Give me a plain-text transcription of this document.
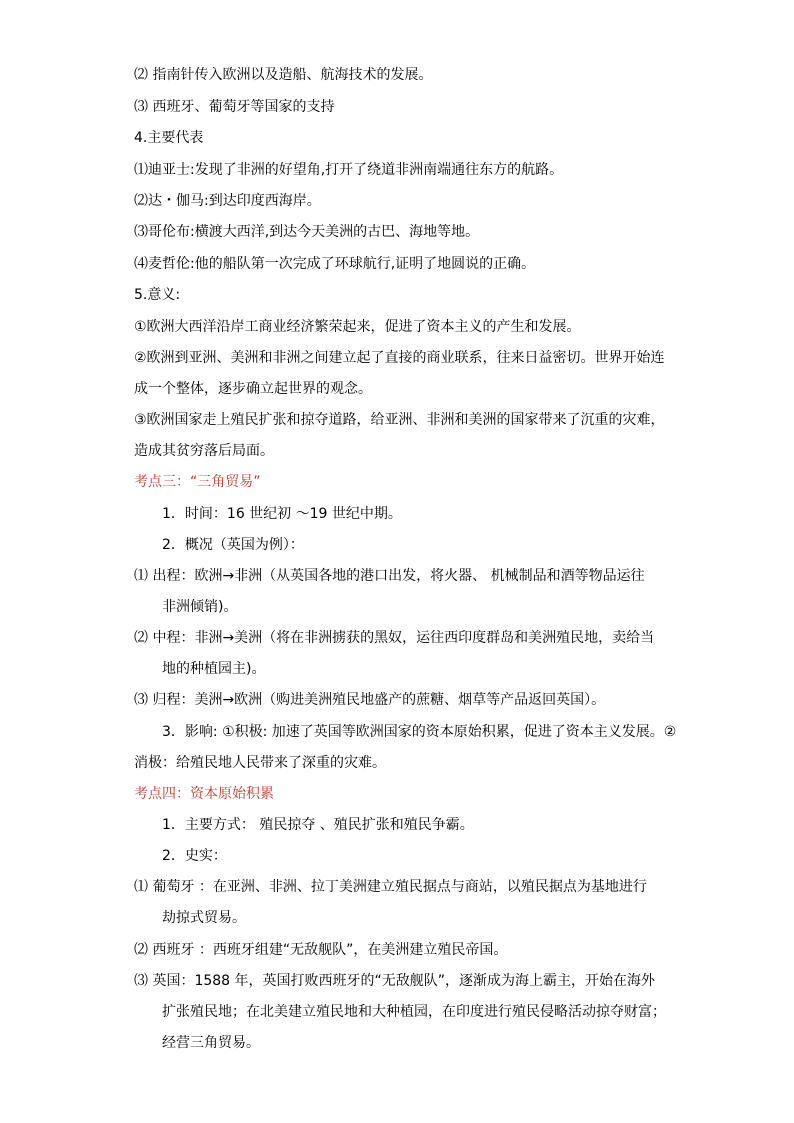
⑵ 指南针传入欧洲以及造船、航海技术的发展。
⑶ 西班牙、葡萄牙等国家的支持
4.主要代表
⑴迪亚士:发现了非洲的好望角,打开了绕道非洲南端通往东方的航路。
⑵达・伽马:到达印度西海岸。
⑶哥伦布:横渡大西洋,到达今天美洲的古巴、海地等地。
⑷麦哲伦:他的船队第一次完成了环球航行,证明了地圆说的正确。
5.意义:
①欧洲大西洋沿岸工商业经济繁荣起来，促进了资本主义的产生和发展。
②欧洲到亚洲、美洲和非洲之间建立起了直接的商业联系，往来日益密切。世界开始连
成一个整体，逐步确立起世界的观念。
③欧洲国家走上殖民扩张和掠夺道路，给亚洲、非洲和美洲的国家带来了沉重的灾难，
造成其贫穷落后局面。
考点三：“三角贸易”
1．时间：16 世纪初 ～19 世纪中期。
2．概况（英国为例）：
⑴ 出程：欧洲→非洲（从英国各地的港口出发，将火器、 机械制品和酒等物品运往
非洲倾销)。
⑵ 中程：非洲→美洲（将在非洲掳获的黑奴，运往西印度群岛和美洲殖民地，卖给当
地的种植园主)。
⑶ 归程：美洲→欧洲（购进美洲殖民地盛产的蔗糖、烟草等产品返回英国）。
3．影响: ①积极: 加速了英国等欧洲国家的资本原始积累，促进了资本主义发展。②
消极：给殖民地人民带来了深重的灾难。
考点四：资本原始积累
1．主要方式： 殖民掠夺 、殖民扩张和殖民争霸。
2．史实：
⑴ 葡萄牙 ：在亚洲、非洲、拉丁美洲建立殖民据点与商站，以殖民据点为基地进行
劫掠式贸易。
⑵ 西班牙 ：西班牙组建“无敌舰队”，在美洲建立殖民帝国。
⑶ 英国：1588 年，英国打败西班牙的“无敌舰队”，逐渐成为海上霸主，开始在海外
扩张殖民地；在北美建立殖民地和大种植园，在印度进行殖民侵略活动掠夺财富；
经营三角贸易。
